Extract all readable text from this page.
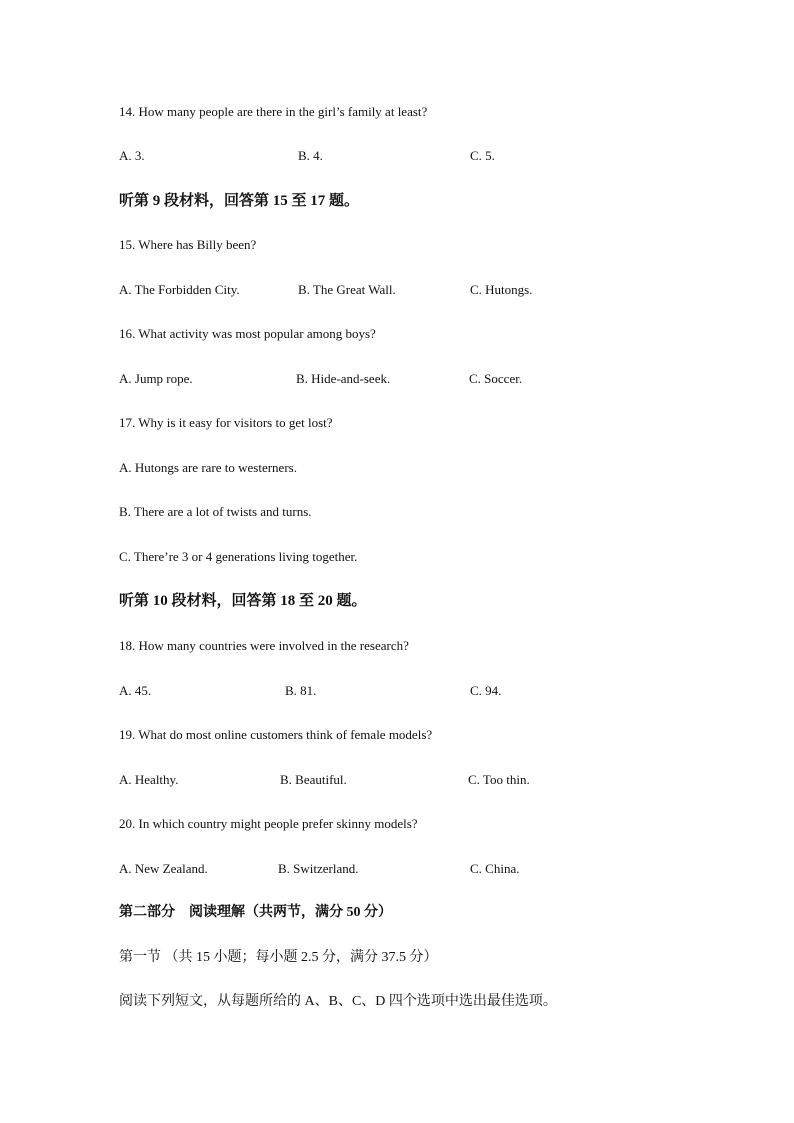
14. How many people are there in the girl’s family at least?
A. 3.	B. 4.	C. 5.
听第 9 段材料，回答第 15 至 17 题。
15. Where has Billy been?
A. The Forbidden City.	B. The Great Wall.	C. Hutongs.
16. What activity was most popular among boys?
A. Jump rope.	B. Hide-and-seek.	C. Soccer.
17. Why is it easy for visitors to get lost?
A. Hutongs are rare to westerners.
B. There are a lot of twists and turns.
C. There’re 3 or 4 generations living together.
听第 10 段材料，回答第 18 至 20 题。
18. How many countries were involved in the research?
A. 45.	B. 81.	C. 94.
19. What do most online customers think of female models?
A. Healthy.	B. Beautiful.	C. Too thin.
20. In which country might people prefer skinny models?
A. New Zealand.	B. Switzerland.	C. China.
第二部分　阅读理解（共两节，满分 50 分）
第一节 （共 15 小题；每小题 2.5 分，满分 37.5 分）
阅读下列短文，从每题所给的 A、B、C、D 四个选项中选出最佳选项。
